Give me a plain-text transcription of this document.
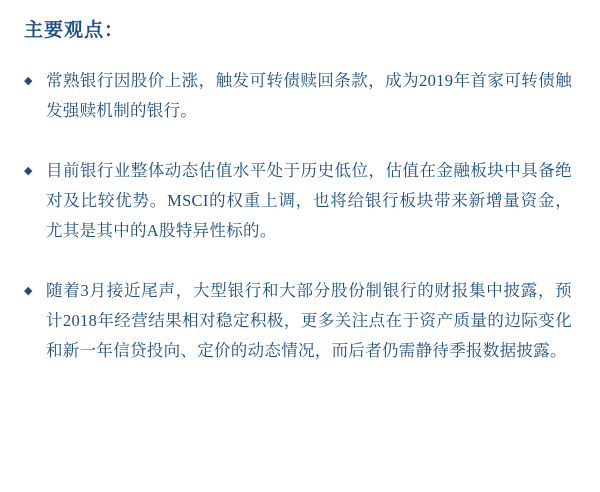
主要观点：
◆ 常熟银行因股价上涨，触发可转债赎回条款，成为2019年首家可转债触发强赎机制的银行。
◆ 目前银行业整体动态估值水平处于历史低位，估值在金融板块中具备绝对及比较优势。MSCI的权重上调，也将给银行板块带来新增量资金，尤其是其中的A股特异性标的。
◆ 随着3月接近尾声，大型银行和大部分股份制银行的财报集中披露，预计2018年经营结果相对稳定积极，更多关注点在于资产质量的边际变化和新一年信贷投向、定价的动态情况，而后者仍需静待季报数据披露。
